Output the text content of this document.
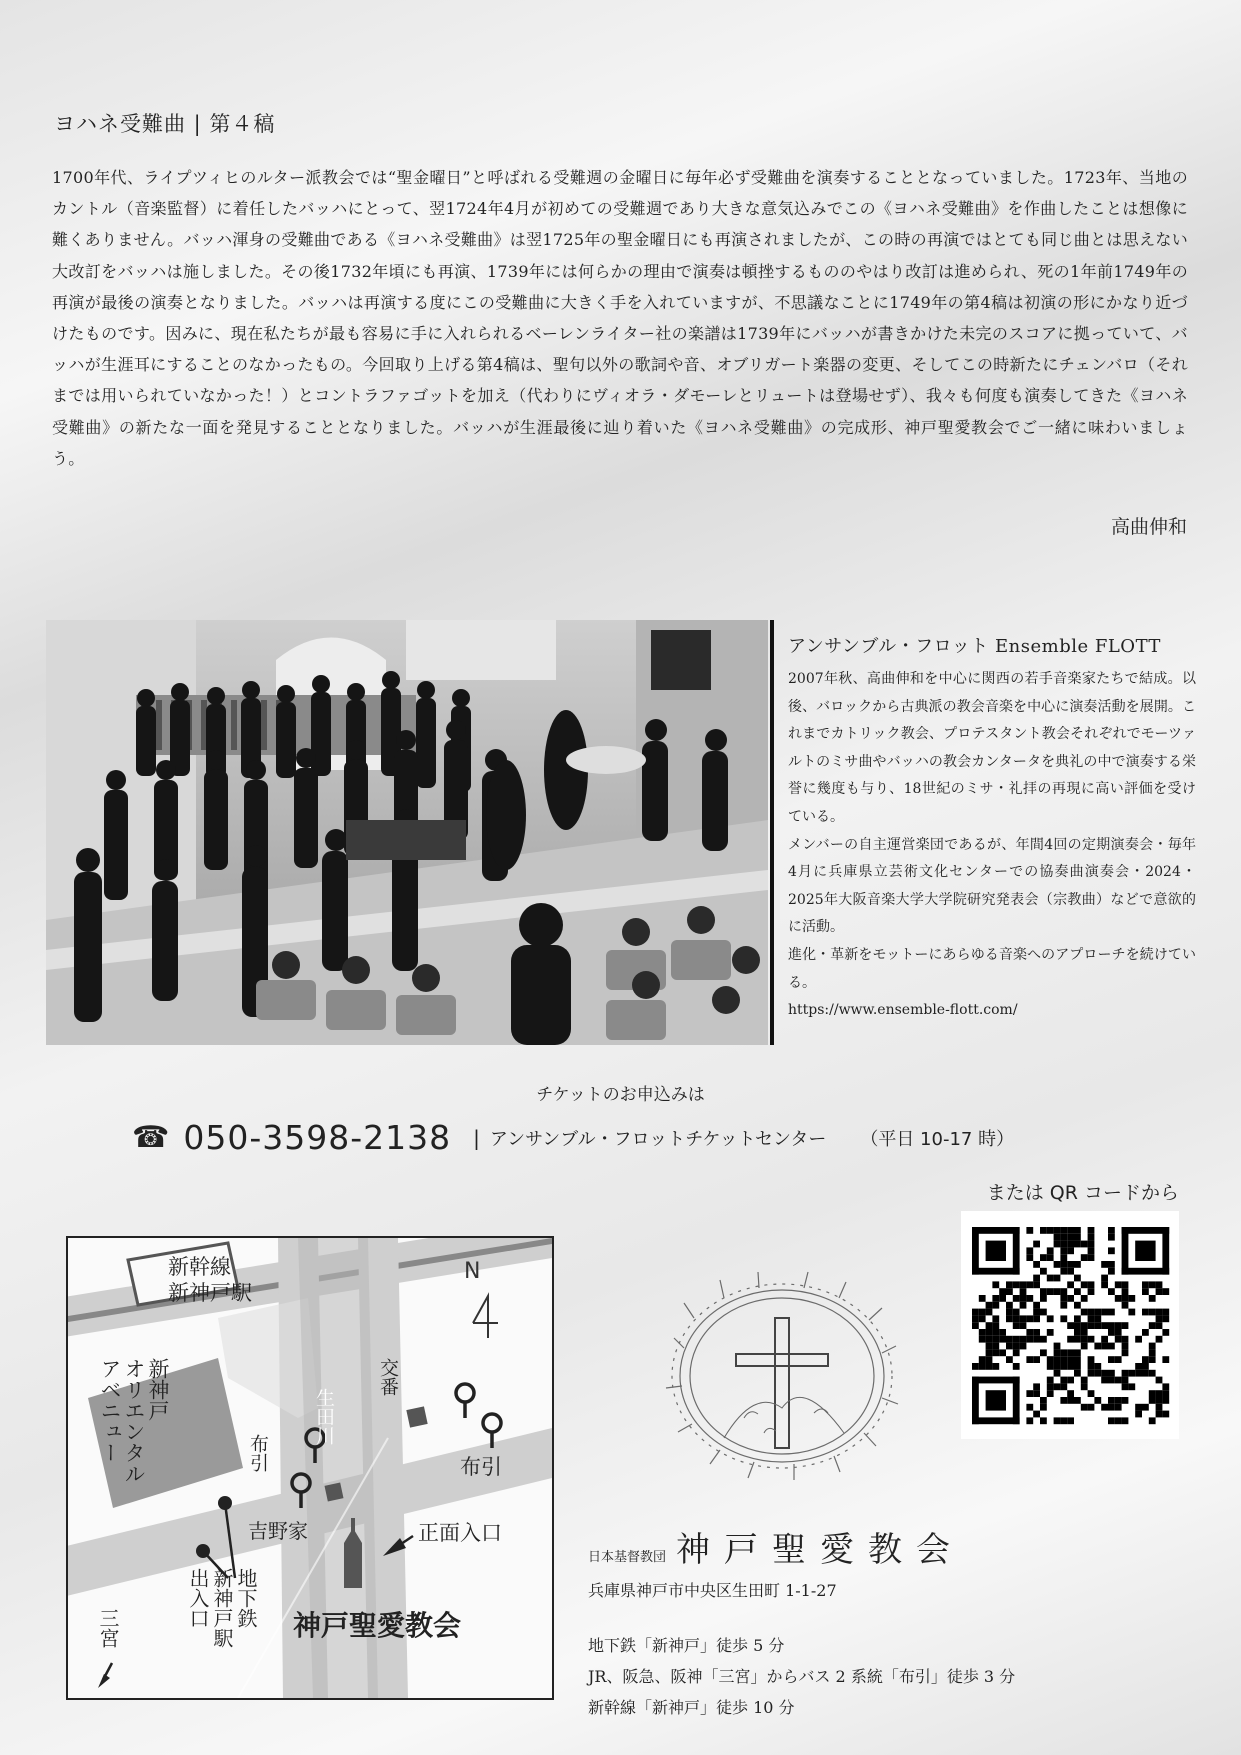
ヨハネ受難曲 | 第４稿
1700年代、ライプツィヒのルター派教会では“聖金曜日”と呼ばれる受難週の金曜日に毎年必ず受難曲を演奏することとなっていました。1723年、当地のカントル（音楽監督）に着任したバッハにとって、翌1724年4月が初めての受難週であり大きな意気込みでこの《ヨハネ受難曲》を作曲したことは想像に難くありません。バッハ渾身の受難曲である《ヨハネ受難曲》は翌1725年の聖金曜日にも再演されましたが、この時の再演ではとても同じ曲とは思えない大改訂をバッハは施しました。その後1732年頃にも再演、1739年には何らかの理由で演奏は頓挫するもののやはり改訂は進められ、死の1年前1749年の再演が最後の演奏となりました。バッハは再演する度にこの受難曲に大きく手を入れていますが、不思議なことに1749年の第4稿は初演の形にかなり近づけたものです。因みに、現在私たちが最も容易に手に入れられるベーレンライター社の楽譜は1739年にバッハが書きかけた未完のスコアに拠っていて、バッハが生涯耳にすることのなかったもの。今回取り上げる第4稿は、聖句以外の歌詞や音、オブリガート楽器の変更、そしてこの時新たにチェンバロ（それまでは用いられていなかった！）とコントラファゴットを加え（代わりにヴィオラ・ダモーレとリュートは登場せず）、我々も何度も演奏してきた《ヨハネ受難曲》の新たな一面を発見することとなりました。バッハが生涯最後に辿り着いた《ヨハネ受難曲》の完成形、神戸聖愛教会でご一緒に味わいましょう。
高曲伸和
アンサンブル・フロット Ensemble FLOTT
2007年秋、高曲伸和を中心に関西の若手音楽家たちで結成。以後、バロックから古典派の教会音楽を中心に演奏活動を展開。これまでカトリック教会、プロテスタント教会それぞれでモーツァルトのミサ曲やバッハの教会カンタータを典礼の中で演奏する栄誉に幾度も与り、18世紀のミサ・礼拝の再現に高い評価を受けている。
メンバーの自主運営楽団であるが、年間4回の定期演奏会・毎年4月に兵庫県立芸術文化センターでの協奏曲演奏会・2024・2025年大阪音楽大学大学院研究発表会（宗教曲）などで意欲的に活動。
進化・革新をモットーにあらゆる音楽へのアプローチを続けている。
https://www.ensemble-flott.com/
チケットのお申込みは
☎ 050-3598-2138 | アンサンブル・フロットチケットセンター （平日 10-17 時）
または QR コードから
N
新幹線
新神戸駅
新神戸
オリエンタル
アベニュー	生田川
交番
布引	布引
吉野家	正面入口
神戸聖愛教会
地下鉄
新神戸駅
出入口
三宮
日本基督教団 神戸聖愛教会
兵庫県神戸市中央区生田町 1-1-27
地下鉄「新神戸」徒歩 5 分
JR、阪急、阪神「三宮」からバス 2 系統「布引」徒歩 3 分
新幹線「新神戸」徒歩 10 分
